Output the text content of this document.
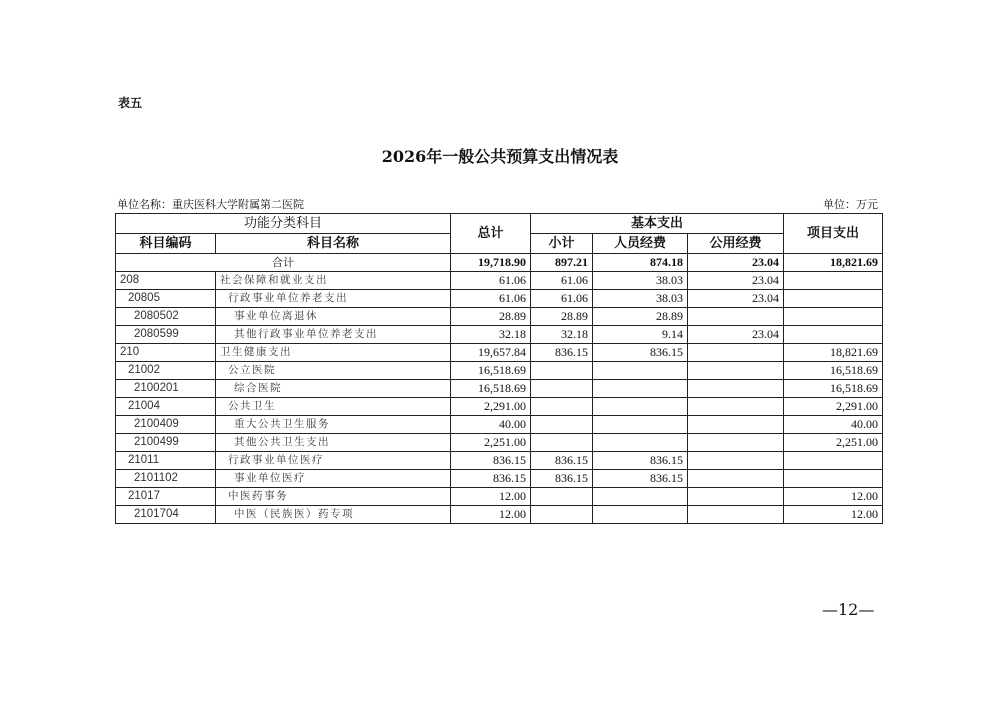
表五
2026年一般公共预算支出情况表
单位名称：重庆医科大学附属第二医院	单位：万元
功能分类科目		总计	基本支出			项目支出
科目编码	科目名称		小计	人员经费	公用经费	
合计		19,718.90	897.21	874.18	23.04	18,821.69
208	社会保障和就业支出	61.06	61.06	38.03	23.04	
20805	行政事业单位养老支出	61.06	61.06	38.03	23.04	
2080502	事业单位离退休	28.89	28.89	28.89		
2080599	其他行政事业单位养老支出	32.18	32.18	9.14	23.04	
210	卫生健康支出	19,657.84	836.15	836.15		18,821.69
21002	公立医院	16,518.69				16,518.69
2100201	综合医院	16,518.69				16,518.69
21004	公共卫生	2,291.00				2,291.00
2100409	重大公共卫生服务	40.00				40.00
2100499	其他公共卫生支出	2,251.00				2,251.00
21011	行政事业单位医疗	836.15	836.15	836.15		
2101102	事业单位医疗	836.15	836.15	836.15		
21017	中医药事务	12.00				12.00
2101704	中医（民族医）药专项	12.00				12.00
—12—
